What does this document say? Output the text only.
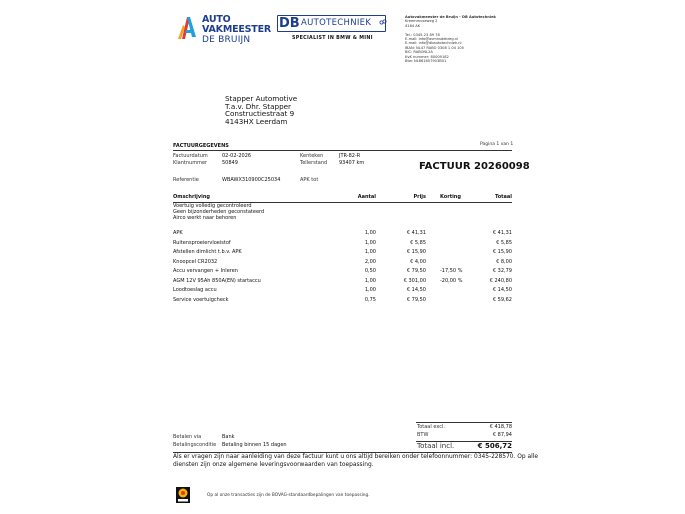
AUTO
VAKMEESTER
DE BRUIJN
DB AUTOTECHNIEK
SPECIALIST IN BMW & MINI
Autovakmeester de Bruijn - DB Autotechniek
Kreemmuseweg 2
4164 AK
Tel.: 0345-23 89 78
E-mail: info@avmnsdebreg.nl
E-mail: info@dbautotechniek.nl
IBAN: NL47 RABO 0308 1 04 105
BIC: RABONL2A
KvK nummer: 80009182
Btw: NL861657903B01
Stapper Automotive
T.a.v. Dhr. Stapper
Constructiestraat 9
4143HX Leerdam
Pagina 1 van 1
FACTUURGEGEVENS
Factuurdatum	02-02-2026
Klantnummer	50849
Kenteken	JTR-82-R
Tellerstand 93407 km
Referentie	WBAWX310900C25034	APK tot
FACTUUR 20260098
Omschrijving	Aantal	Prijs	Korting	Totaal
Voertuig volledig gecontroleerd
Geen bijzonderheden geconstateerd
Airco werkt naar behoren
APK	1,00	€ 41,31	€ 41,31
Ruitensproeiervloeistof	1,00	€ 5,85	€ 5,85
Afstellen dimlicht t.b.v. APK	1,00	€ 15,90	€ 15,90
Knoopcel CR2032	2,00	€ 4,00	€ 8,00
Accu vervangen + Inleren	0,50	€ 79,50	-17,50 %	€ 32,79
AGM 12V 95Ah 850A(EN) startaccu	1,00	€ 301,00	-20,00 %	€ 240,80
Loodtoeslag accu	1,00	€ 14,50	€ 14,50
Service voertuigcheck	0,75	€ 79,50	€ 59,62
Totaal excl.	€ 418,78
BTW	€ 87,94
Totaal incl.	€ 506,72
Betalen via	Bank
Betalingsconditie Betaling binnen 15 dagen
Als er vragen zijn naar aanleiding van deze factuur kunt u ons altijd bereiken onder telefoonnummer: 0345-228570. Op alle
diensten zijn onze algemene leveringsvoorwaarden van toepassing.
Op al onze transacties zijn de BOVAG-standaardbepalingen van toepassing.
